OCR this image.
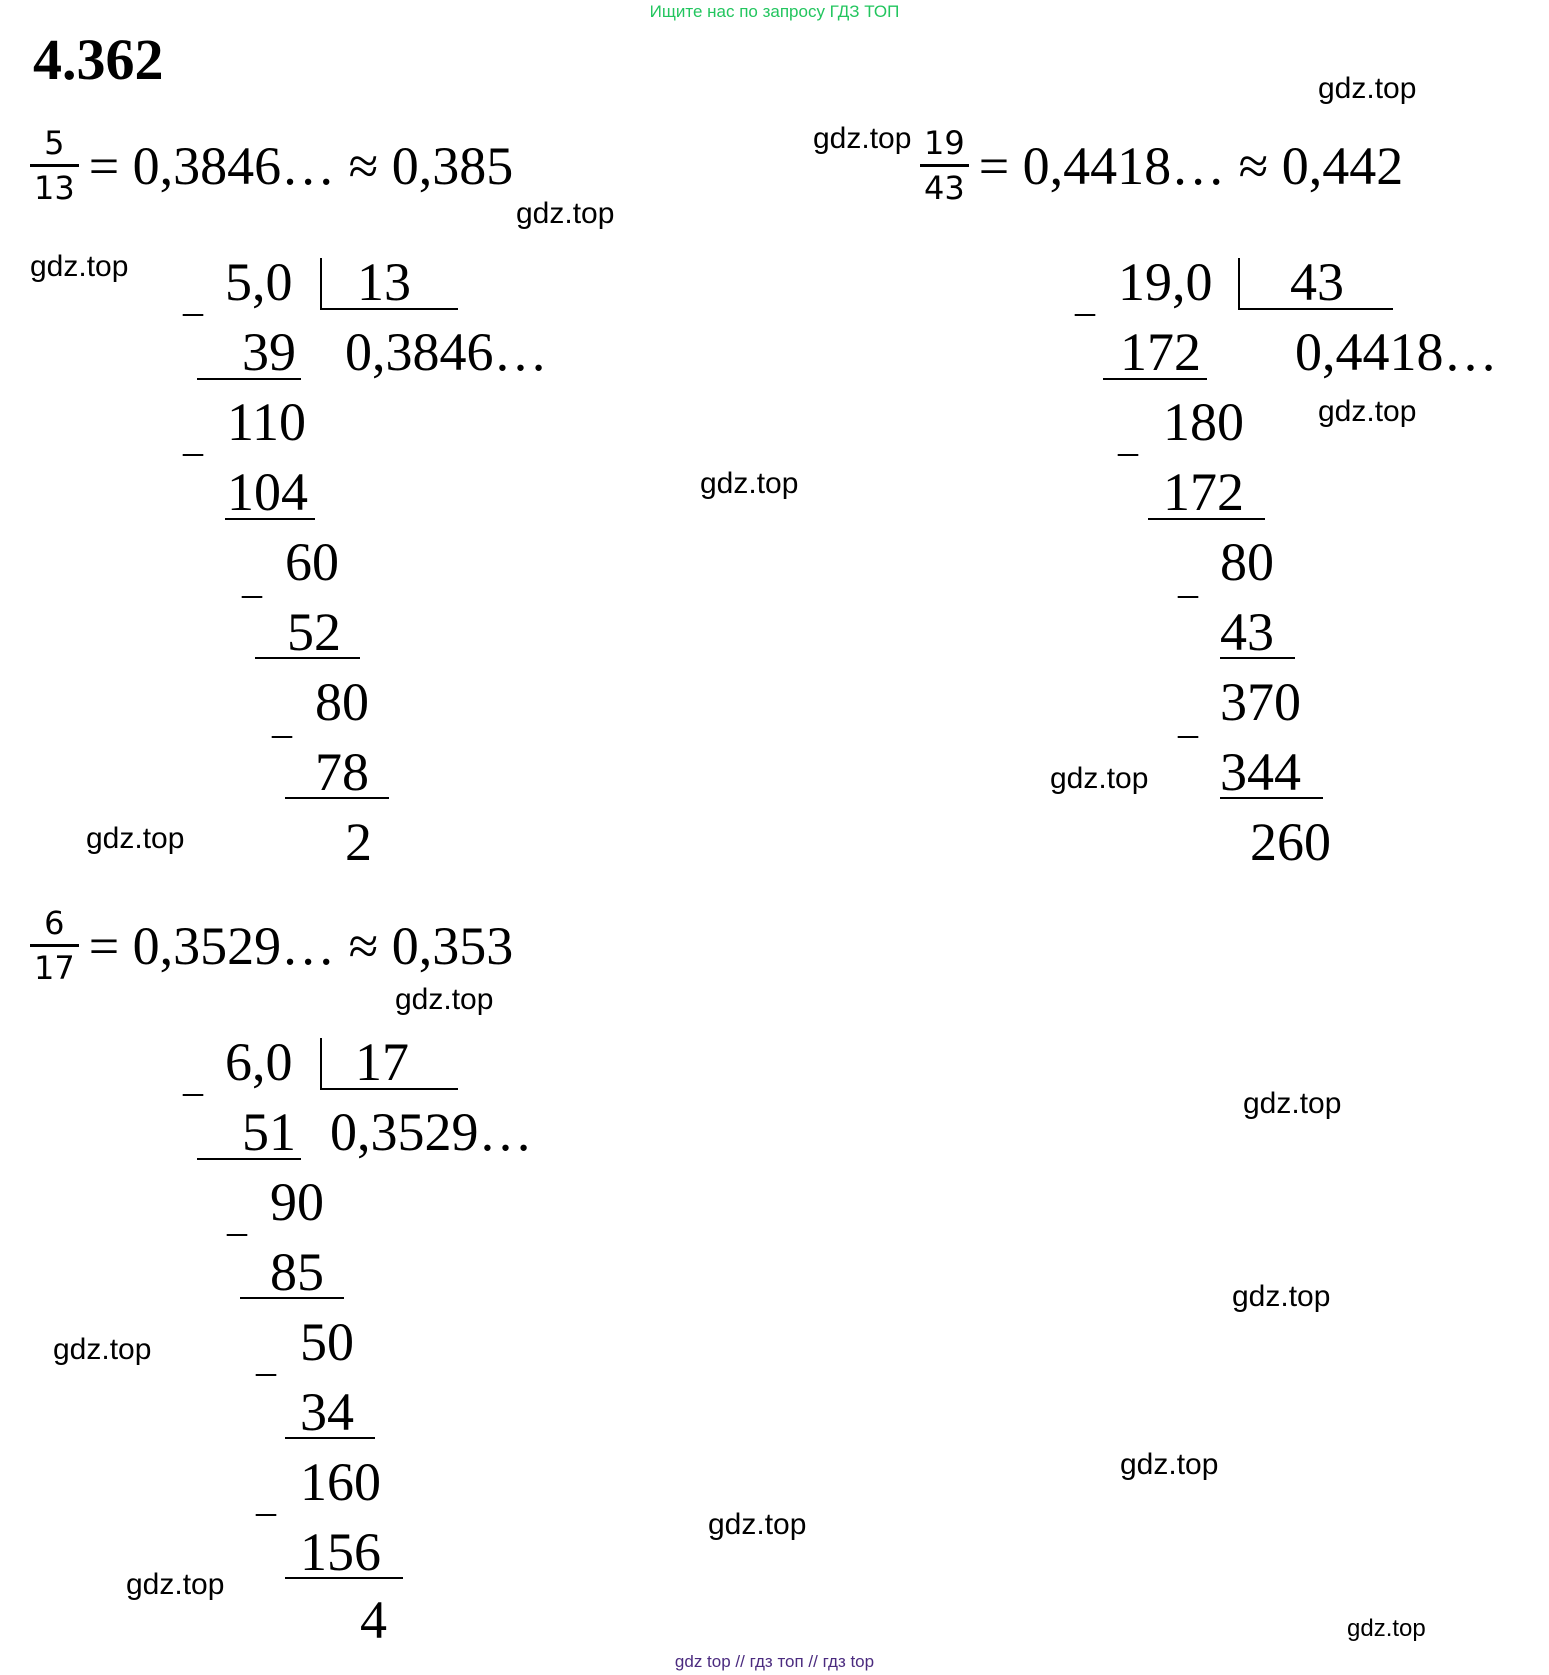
Ищите нас по запросу ГДЗ ТОП
4.362
$\frac{5}{13}$ = 0,3846… ≈ 0,385	$\frac{19}{43}$ = 0,4418… ≈ 0,442
$\frac{6}{17}$ = 0,3529… ≈ 0,353
_ 5,0 13
0,3846…
39
_ 110
104
_ 60
52
_ 80
78
2
_ 19,0 43
0,4418…
172
_ 180
172
_ 80
43
_ 370
344
260
_ 6,0 17
0,3529…
51
_ 90
85
_ 50
34
_ 160
156
4
gdz.top
gdz.top
gdz.top
gdz.top
gdz.top
gdz.top
gdz.top
gdz.top
gdz.top
gdz.top
gdz.top
gdz.top
gdz.top
gdz.top
gdz.top
gdz.top
gdz top // гдз топ // гдз top
